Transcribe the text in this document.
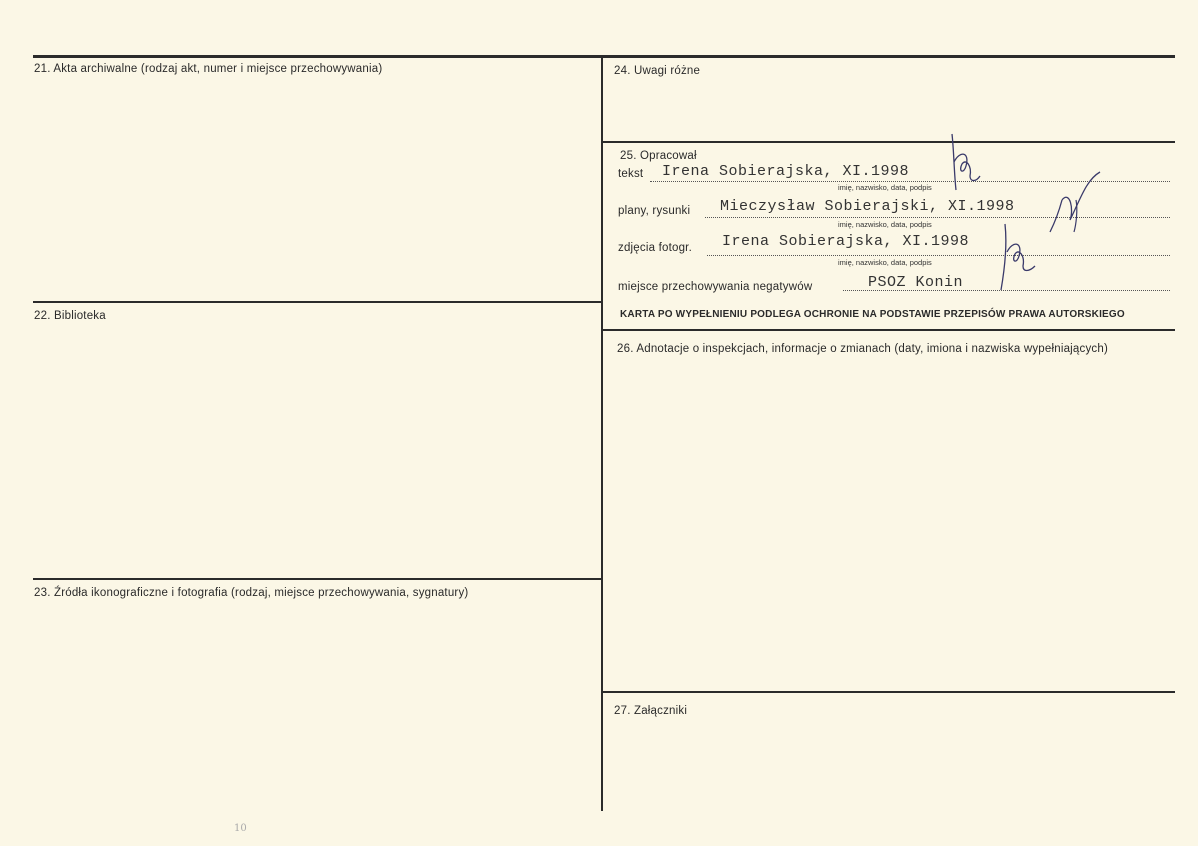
21. Akta archiwalne (rodzaj akt, numer i miejsce przechowywania)
22. Biblioteka
23. Źródła ikonograficzne i fotografia (rodzaj, miejsce przechowywania, sygnatury)
24. Uwagi różne
25. Opracował
26. Adnotacje o inspekcjach, informacje o zmianach (daty, imiona i nazwiska wypełniających)
27. Załączniki
tekst Irena Sobierajska, XI.1998
imię, nazwisko, data, podpis
plany, rysunki Mieczysław Sobierajski, XI.1998
imię, nazwisko, data, podpis
zdjęcia fotogr. Irena Sobierajska, XI.1998
imię, nazwisko, data, podpis
miejsce przechowywania negatywów	PSOZ Konin
KARTA PO WYPEŁNIENIU PODLEGA OCHRONIE NA PODSTAWIE PRZEPISÓW PRAWA AUTORSKIEGO
10
